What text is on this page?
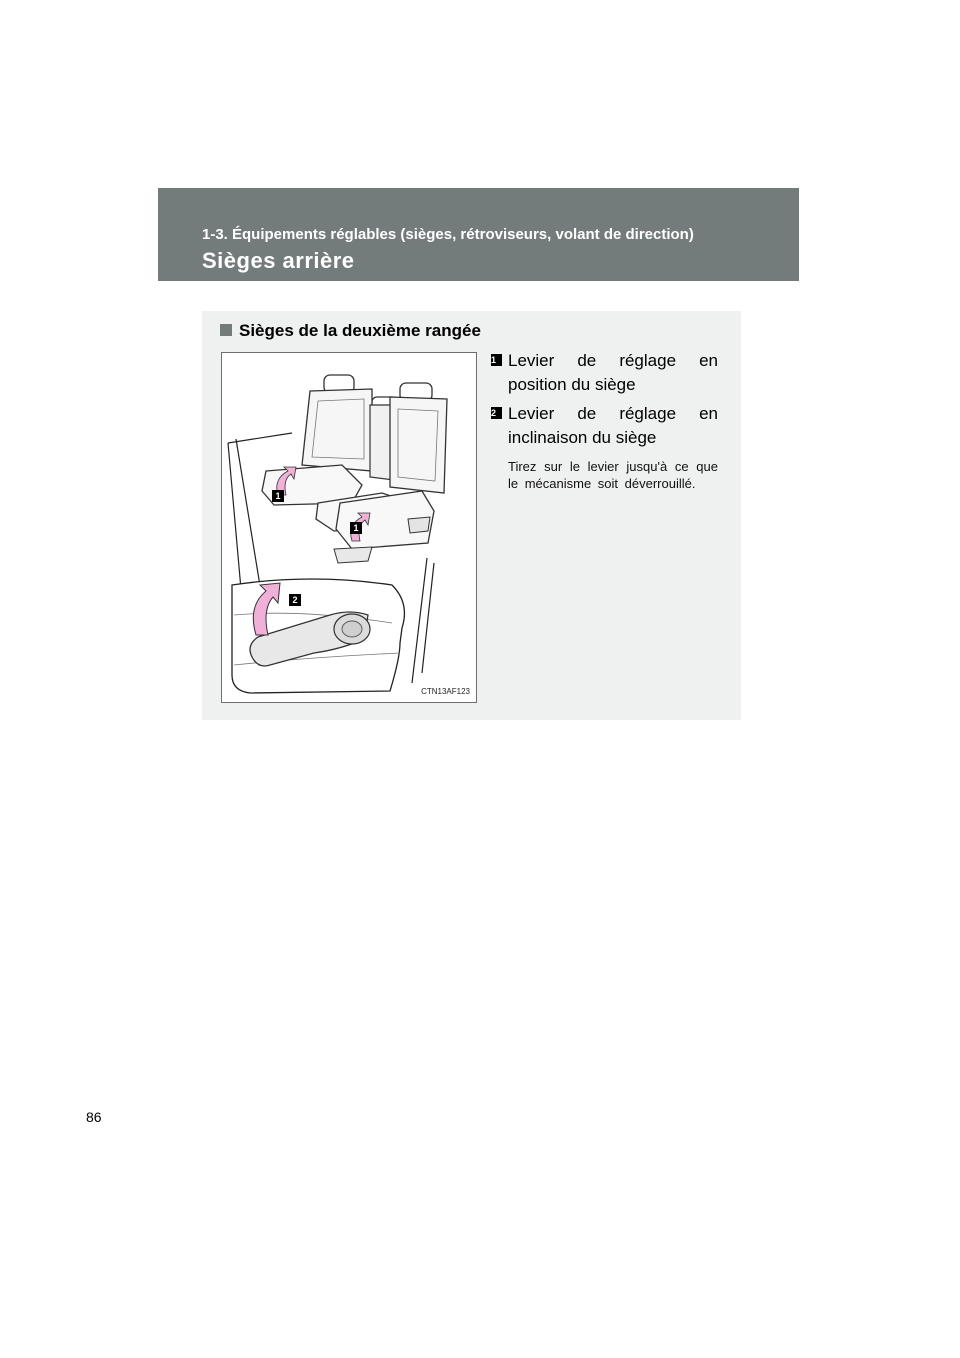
1-3. Équipements réglables (sièges, rétroviseurs, volant de direction)
Sièges arrière
Sièges de la deuxième rangée
1
1
2
CTN13AF123
1 Levier de réglage en position du siège
2 Levier de réglage en inclinaison du siège
Tirez sur le levier jusqu'à ce que le mécanisme soit déverrouillé.
86
